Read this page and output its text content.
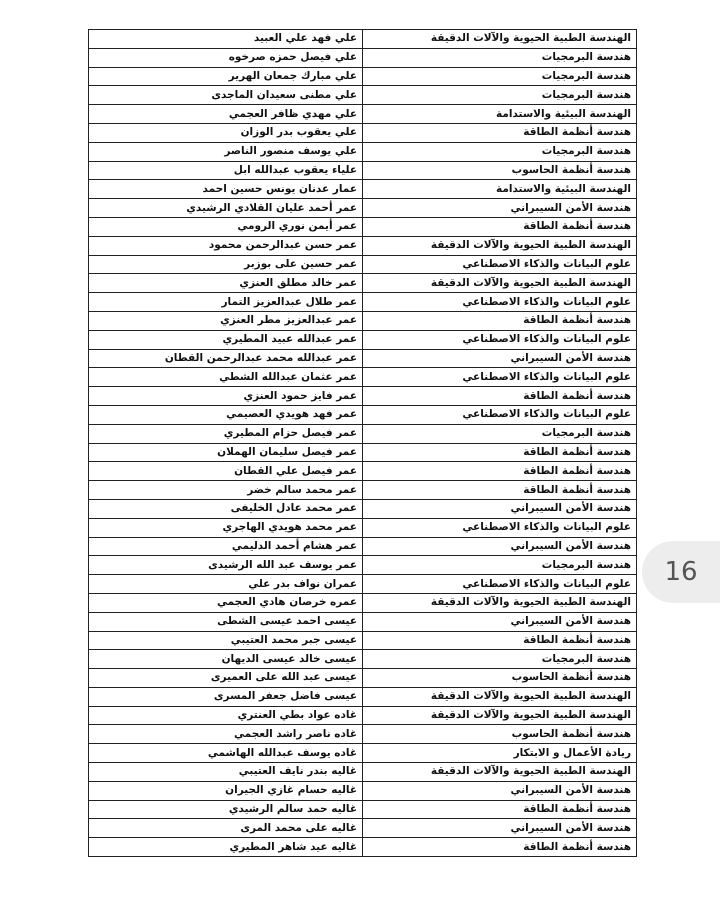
الهندسة الطبية الحيوية والآلات الدقيقة	علي فهد علي العبيد
هندسة البرمجيات	علي فيصل حمزه صرخوه
هندسة البرمجيات	علي مبارك جمعان الهرير
هندسة البرمجيات	علي مطنى سعيدان الماجدى
الهندسة البيئية والاستدامة	علي مهدي ظافر العجمي
هندسة أنظمة الطاقة	علي يعقوب بدر الوزان
هندسة البرمجيات	علي يوسف منصور الناصر
هندسة أنظمة الحاسوب	علياء يعقوب عبدالله ابل
الهندسة البيئية والاستدامة	عمار عدنان يونس حسين احمد
هندسة الأمن السيبراني	عمر أحمد عليان القلادي الرشيدي
هندسة أنظمة الطاقة	عمر أيمن نوري الرومي
الهندسة الطبية الحيوية والآلات الدقيقة	عمر حسن عبدالرحمن محمود
علوم البيانات والذكاء الاصطناعي	عمر حسين على بوزبر
الهندسة الطبية الحيوية والآلات الدقيقة	عمر خالد مطلق العنزي
علوم البيانات والذكاء الاصطناعي	عمر طلال عبدالعزيز التمار
هندسة أنظمة الطاقة	عمر عبدالعزيز مطر العنزي
علوم البيانات والذكاء الاصطناعي	عمر عبدالله عبيد المطيري
هندسة الأمن السيبراني	عمر عبدالله محمد عبدالرحمن القطان
علوم البيانات والذكاء الاصطناعي	عمر عثمان عبدالله الشطي
هندسة أنظمة الطاقة	عمر فايز حمود العنزي
علوم البيانات والذكاء الاصطناعي	عمر فهد هويدي العصيمي
هندسة البرمجيات	عمر فيصل حزام المطيري
هندسة أنظمة الطاقة	عمر فيصل سليمان الهملان
هندسة أنظمة الطاقة	عمر فيصل علي القطان
هندسة أنظمة الطاقة	عمر محمد سالم خضر
هندسة الأمن السيبراني	عمر محمد عادل الخليفى
علوم البيانات والذكاء الاصطناعي	عمر محمد هويدي الهاجري
هندسة الأمن السيبراني	عمر هشام أحمد الدليمي
هندسة البرمجيات	عمر يوسف عبد الله الرشيدى
علوم البيانات والذكاء الاصطناعي	عمران نواف بدر علي
الهندسة الطبية الحيوية والآلات الدقيقة	عمره خرصان هادي العجمي
هندسة الأمن السيبراني	عيسى احمد عيسى الشطى
هندسة أنظمة الطاقة	عيسى جبر محمد العتيبي
هندسة البرمجيات	عيسى خالد عيسى الديهان
هندسة أنظمة الحاسوب	عيسى عبد الله على العميرى
الهندسة الطبية الحيوية والآلات الدقيقة	عيسى فاضل جعفر المسرى
الهندسة الطبية الحيوية والآلات الدقيقة	غاده عواد بطي العنتري
هندسة أنظمة الحاسوب	غاده ناصر راشد العجمي
ريادة الأعمال و الابتكار	غاده يوسف عبدالله الهاشمي
الهندسة الطبية الحيوية والآلات الدقيقة	غاليه بندر نايف العتيبي
هندسة الأمن السيبراني	غاليه حسام غازي الجيران
هندسة أنظمة الطاقة	غاليه حمد سالم الرشيدي
هندسة الأمن السيبراني	غاليه على محمد المرى
هندسة أنظمة الطاقة	غاليه عيد شاهر المطيري
16
